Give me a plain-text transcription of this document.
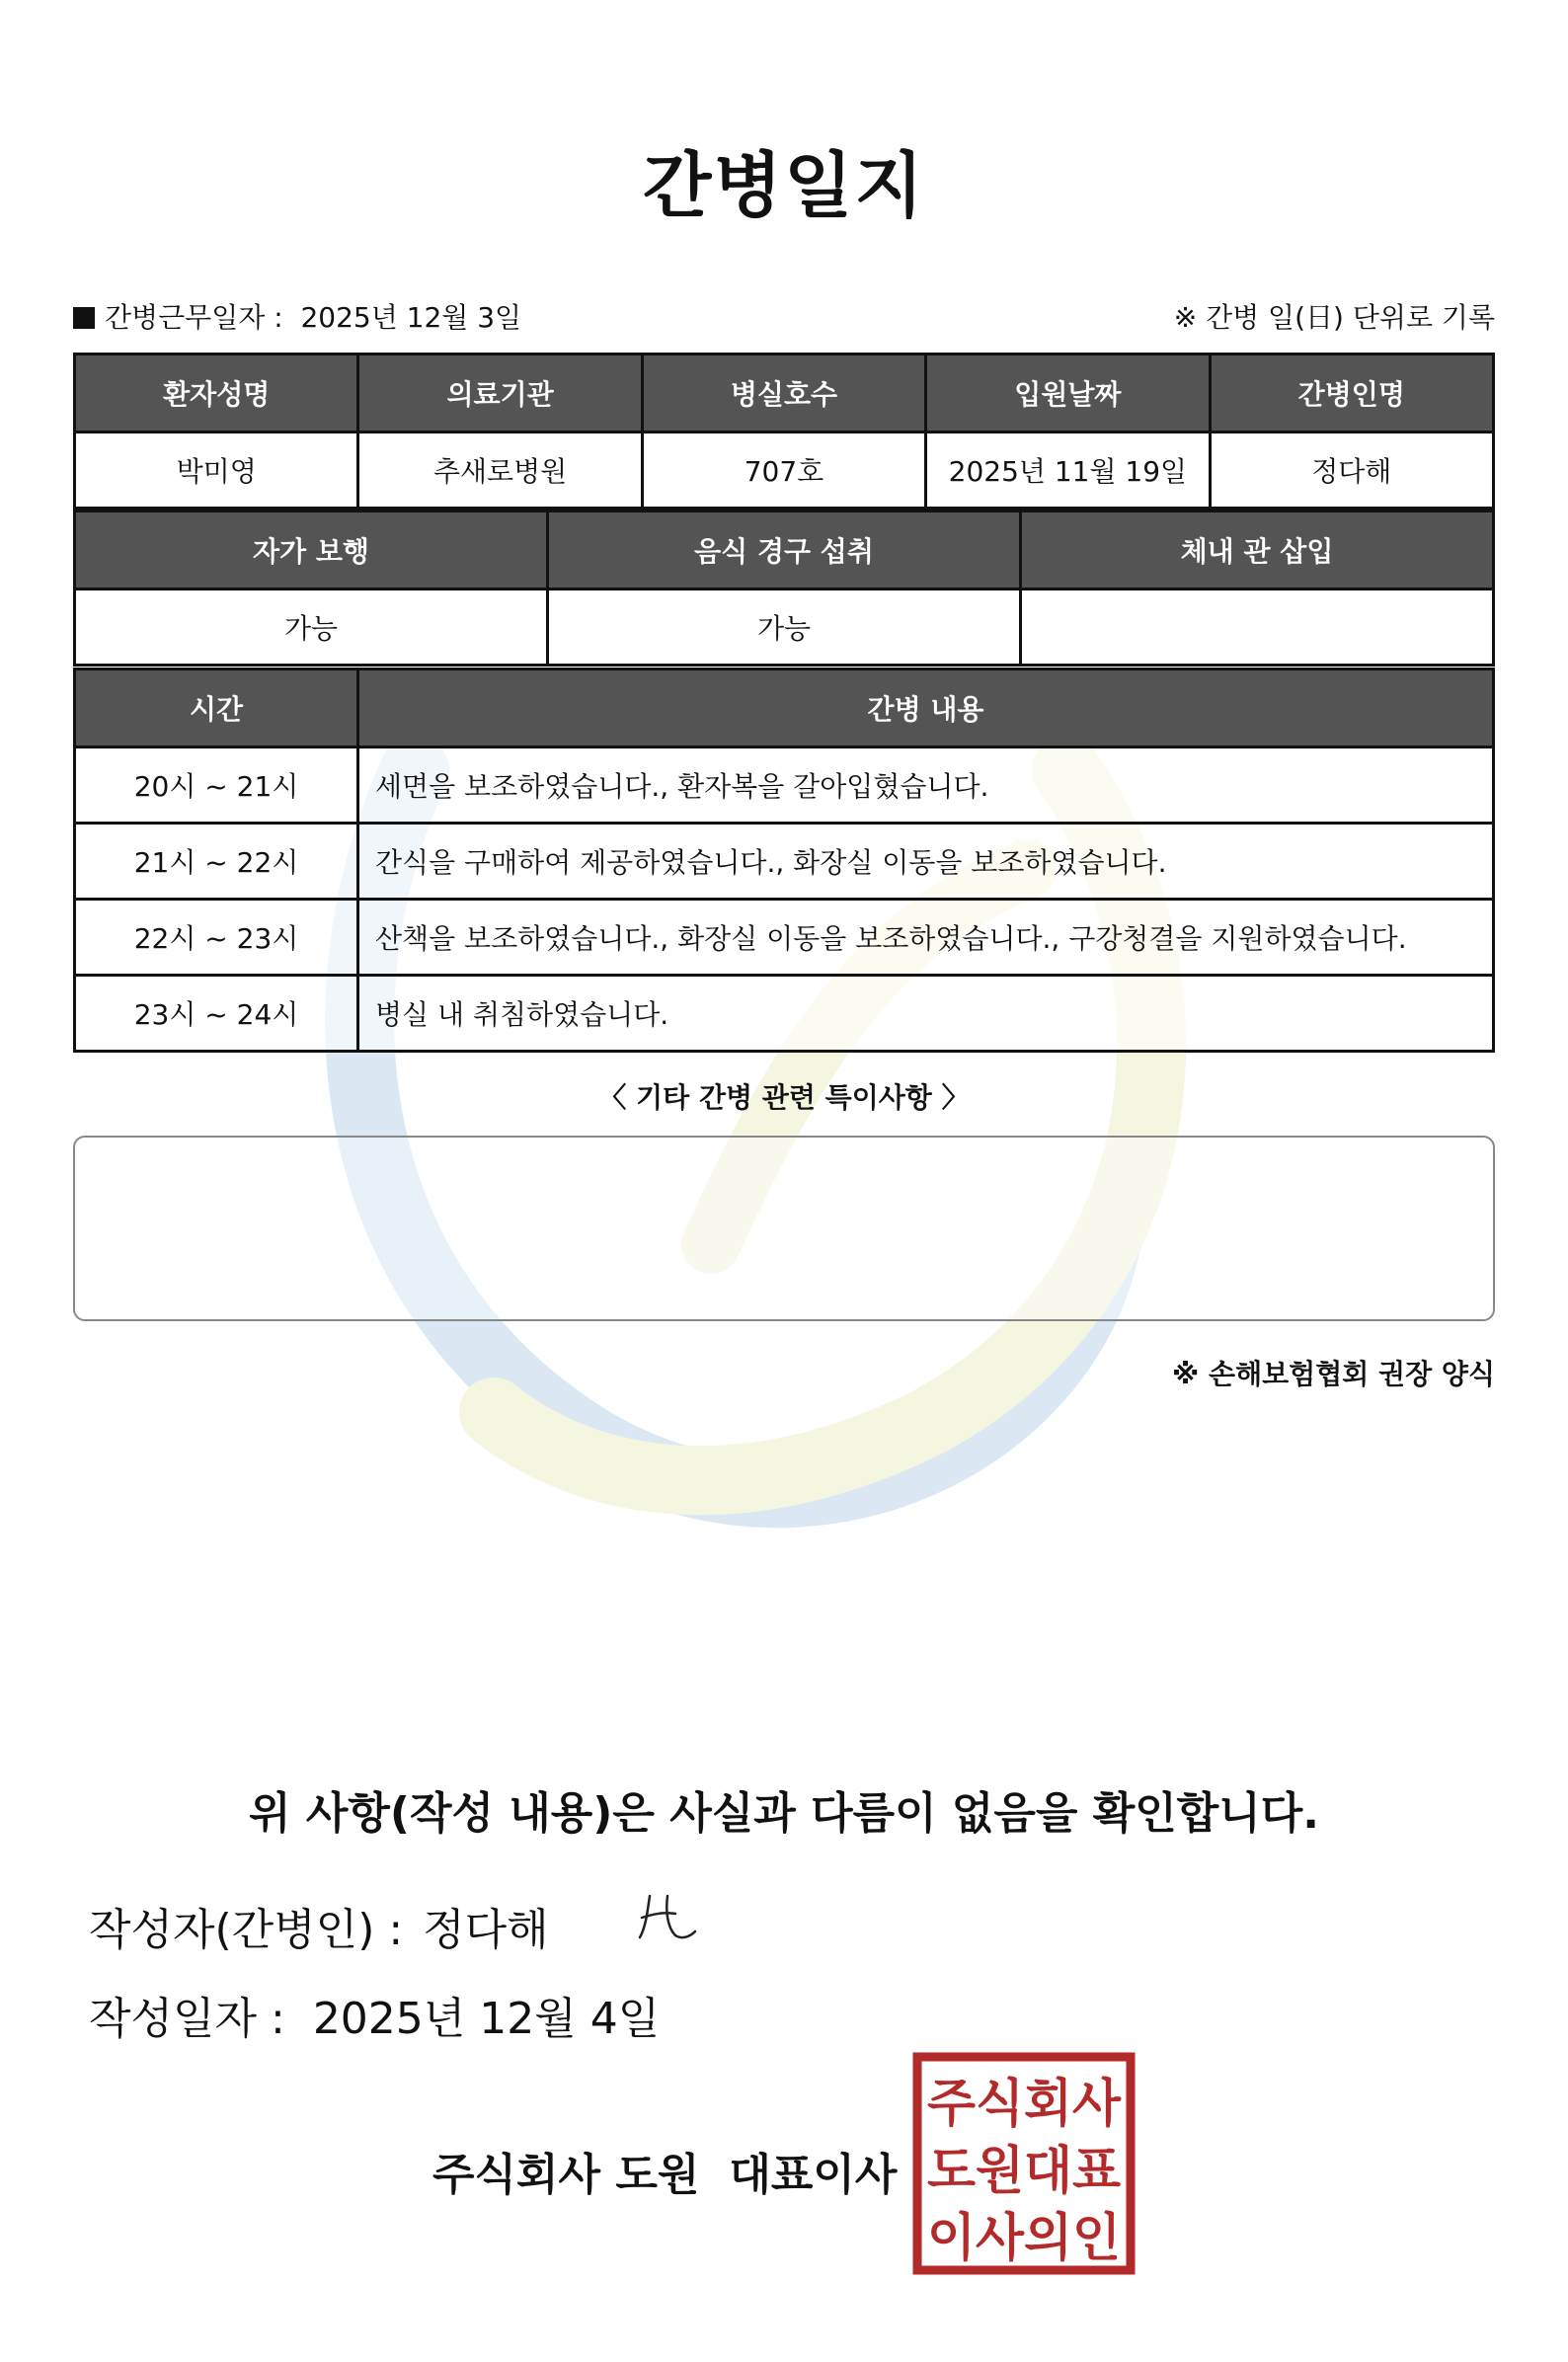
간병일지
간병근무일자 : 2025년 12월 3일	※ 간병 일(日) 단위로 기록
환자성명	의료기관	병실호수	입원날짜	간병인명
박미영	추새로병원	707호	2025년 11월 19일	정다해
자가 보행	음식 경구 섭취	체내 관 삽입
가능	가능	
시간	간병 내용
20시 ~ 21시	세면을 보조하였습니다., 환자복을 갈아입혔습니다.
21시 ~ 22시	간식을 구매하여 제공하였습니다., 화장실 이동을 보조하였습니다.
22시 ~ 23시	산책을 보조하였습니다., 화장실 이동을 보조하였습니다., 구강청결을 지원하였습니다.
23시 ~ 24시	병실 내 취침하였습니다.
〈 기타 간병 관련 특이사항 〉
※ 손해보험협회 권장 양식
위 사항(작성 내용)은 사실과 다름이 없음을 확인합니다.
작성자(간병인) : 정다해
작성일자 : 2025년 12월 4일
주식회사 도원 대표이사
주식회사
도원대표
이사의인
